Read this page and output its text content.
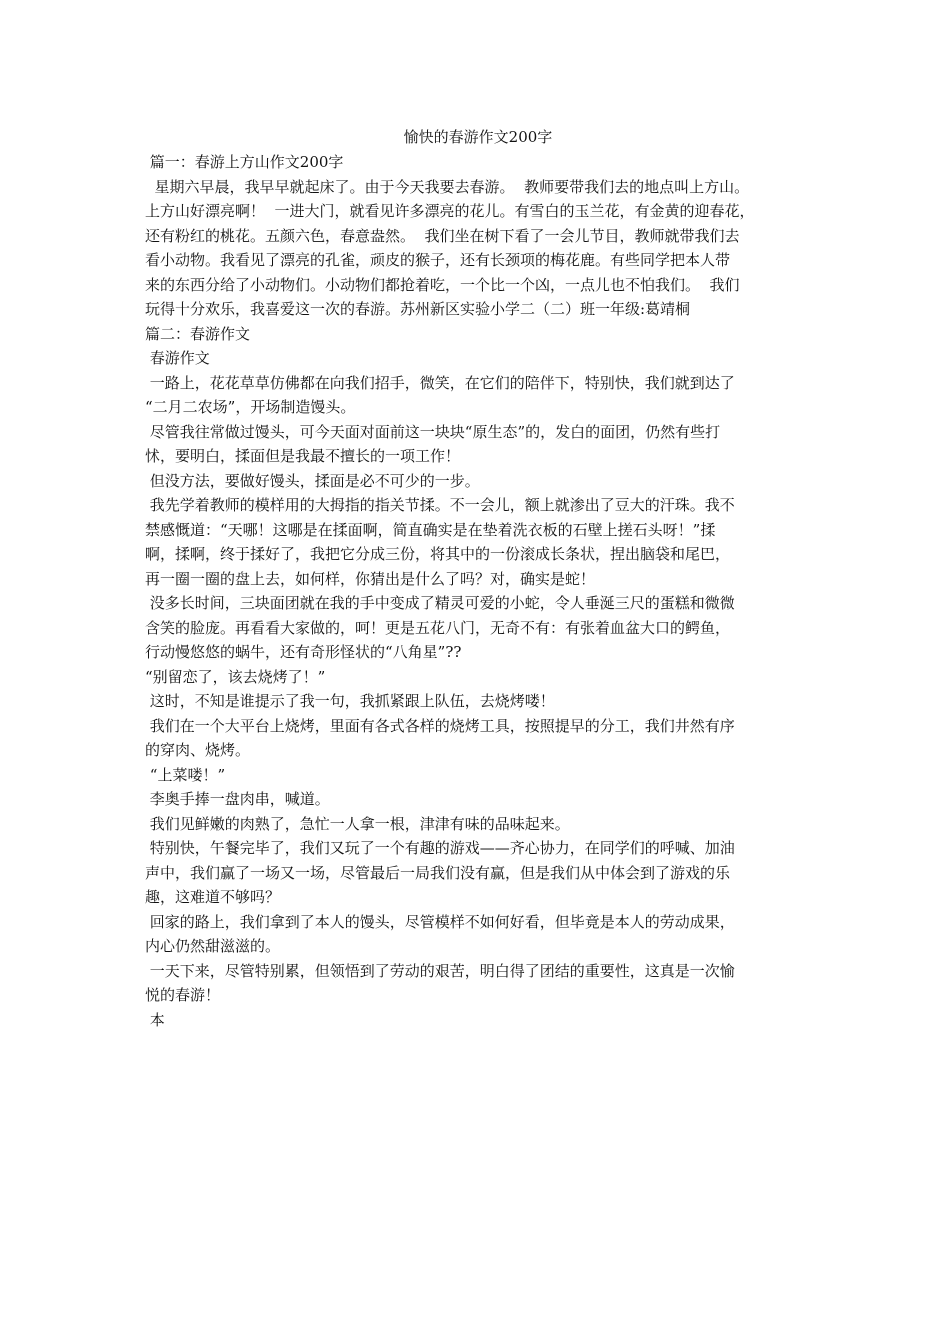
愉快的春游作文200字

篇一：春游上方山作文200字

星期六早晨，我早早就起床了。由于今天我要去春游。  教师要带我们去的地点叫上方山。

上方山好漂亮啊！  一进大门，就看见许多漂亮的花儿。有雪白的玉兰花，有金黄的迎春花，

还有粉红的桃花。五颜六色，春意盎然。  我们坐在树下看了一会儿节目，教师就带我们去

看小动物。我看见了漂亮的孔雀，顽皮的猴子，还有长颈项的梅花鹿。有些同学把本人带

来的东西分给了小动物们。小动物们都抢着吃，一个比一个凶，一点儿也不怕我们。  我们

玩得十分欢乐，我喜爱这一次的春游。苏州新区实验小学二（二）班一年级:葛靖桐

篇二：春游作文

春游作文

一路上，花花草草仿佛都在向我们招手，微笑，在它们的陪伴下，特别快，我们就到达了

“二月二农场”，开场制造馒头。

尽管我往常做过馒头，可今天面对面前这一块块“原生态”的，发白的面团，仍然有些打

怵，要明白，揉面但是我最不擅长的一项工作！

但没方法，要做好馒头，揉面是必不可少的一步。

我先学着教师的模样用的大拇指的指关节揉。不一会儿，额上就渗出了豆大的汗珠。我不

禁感慨道：“天哪！这哪是在揉面啊，简直确实是在垫着洗衣板的石壁上搓石头呀！”揉

啊，揉啊，终于揉好了，我把它分成三份，将其中的一份滚成长条状，捏出脑袋和尾巴，

再一圈一圈的盘上去，如何样，你猜出是什么了吗？对，确实是蛇！

没多长时间，三块面团就在我的手中变成了精灵可爱的小蛇，令人垂涎三尺的蛋糕和微微

含笑的脸庞。再看看大家做的，呵！更是五花八门，无奇不有：有张着血盆大口的鳄鱼，

行动慢悠悠的蜗牛，还有奇形怪状的“八角星”??

“别留恋了，该去烧烤了！”

这时，不知是谁提示了我一句，我抓紧跟上队伍，去烧烤喽！

我们在一个大平台上烧烤，里面有各式各样的烧烤工具，按照提早的分工，我们井然有序

的穿肉、烧烤。

“上菜喽！”

李奥手捧一盘肉串，喊道。

我们见鲜嫩的肉熟了，急忙一人拿一根，津津有味的品味起来。

特别快，午餐完毕了，我们又玩了一个有趣的游戏——齐心协力，在同学们的呼喊、加油

声中，我们赢了一场又一场，尽管最后一局我们没有赢，但是我们从中体会到了游戏的乐

趣，这难道不够吗？

回家的路上，我们拿到了本人的馒头，尽管模样不如何好看，但毕竟是本人的劳动成果，

内心仍然甜滋滋的。

一天下来，尽管特别累，但领悟到了劳动的艰苦，明白得了团结的重要性，这真是一次愉

悦的春游！

本
